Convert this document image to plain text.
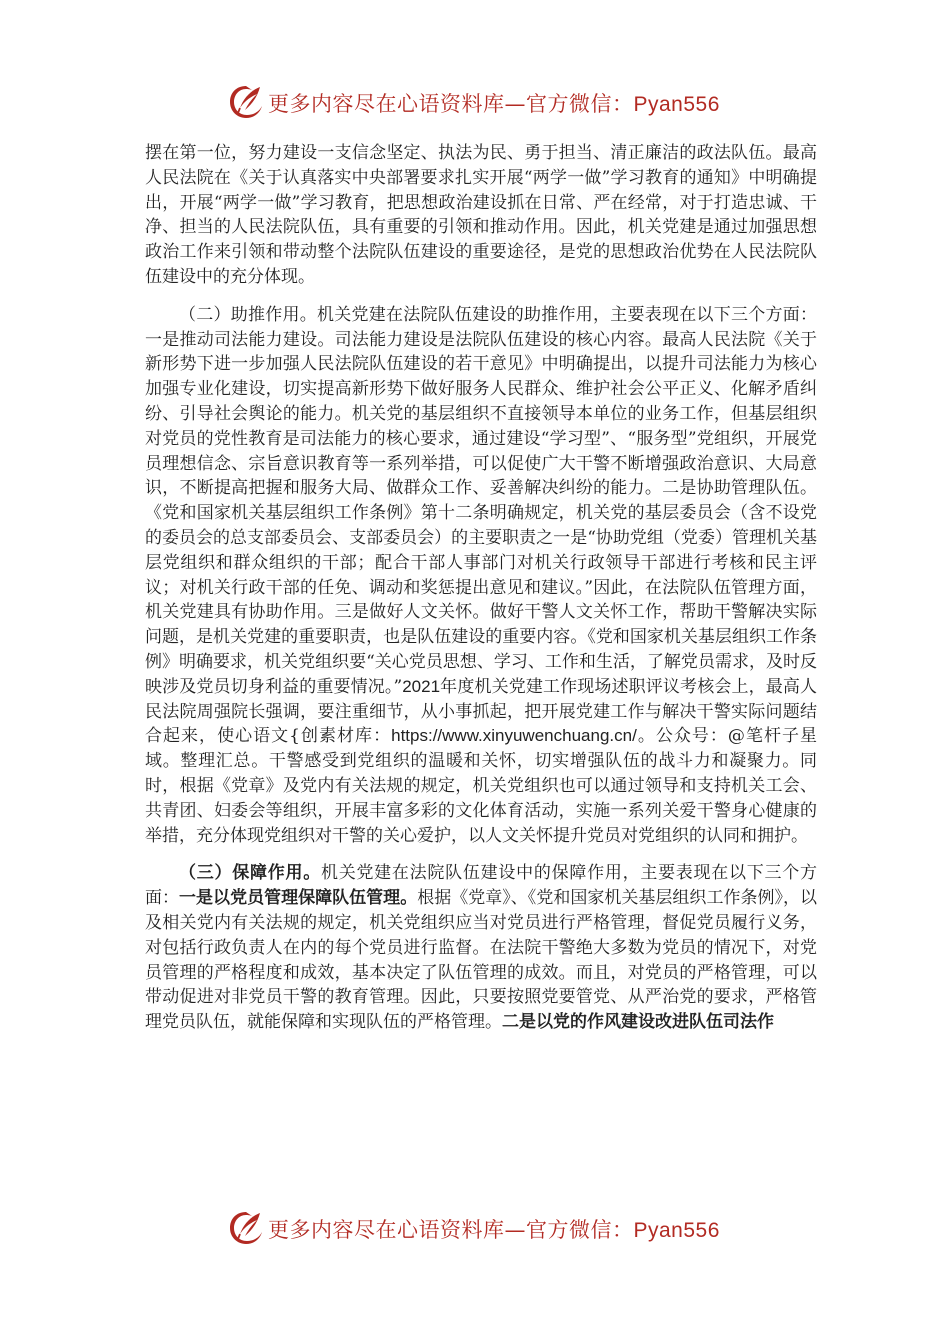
更多内容尽在心语资料库—官方微信：Pyan556

摆在第一位，努力建设一支信念坚定、执法为民、勇于担当、清正廉洁的政法队伍。最高人民法院在《关于认真落实中央部署要求扎实开展“两学一做”学习教育的通知》中明确提出，开展“两学一做”学习教育，把思想政治建设抓在日常、严在经常，对于打造忠诚、干净、担当的人民法院队伍，具有重要的引领和推动作用。因此，机关党建是通过加强思想政治工作来引领和带动整个法院队伍建设的重要途径，是党的思想政治优势在人民法院队伍建设中的充分体现。

（二）助推作用。机关党建在法院队伍建设的助推作用，主要表现在以下三个方面：一是推动司法能力建设。司法能力建设是法院队伍建设的核心内容。最高人民法院《关于新形势下进一步加强人民法院队伍建设的若干意见》中明确提出，以提升司法能力为核心加强专业化建设，切实提高新形势下做好服务人民群众、维护社会公平正义、化解矛盾纠纷、引导社会舆论的能力。机关党的基层组织不直接领导本单位的业务工作，但基层组织对党员的党性教育是司法能力的核心要求，通过建设“学习型”、“服务型”党组织，开展党员理想信念、宗旨意识教育等一系列举措，可以促使广大干警不断增强政治意识、大局意识，不断提高把握和服务大局、做群众工作、妥善解决纠纷的能力。二是协助管理队伍。《党和国家机关基层组织工作条例》第十二条明确规定，机关党的基层委员会（含不设党的委员会的总支部委员会、支部委员会）的主要职责之一是“协助党组（党委）管理机关基层党组织和群众组织的干部；配合干部人事部门对机关行政领导干部进行考核和民主评议；对机关行政干部的任免、调动和奖惩提出意见和建议。”因此，在法院队伍管理方面，机关党建具有协助作用。三是做好人文关怀。做好干警人文关怀工作，帮助干警解决实际问题，是机关党建的重要职责，也是队伍建设的重要内容。《党和国家机关基层组织工作条例》明确要求，机关党组织要“关心党员思想、学习、工作和生活，了解党员需求，及时反映涉及党员切身利益的重要情况。”2021年度机关党建工作现场述职评议考核会上，最高人民法院周强院长强调，要注重细节，从小事抓起，把开展党建工作与解决干警实际问题结合起来，使心语文{创素材库：https://www.xinyuwenchuang.cn/。公众号：@笔杆子星域。整理汇总。干警感受到党组织的温暖和关怀，切实增强队伍的战斗力和凝聚力。同时，根据《党章》及党内有关法规的规定，机关党组织也可以通过领导和支持机关工会、共青团、妇委会等组织，开展丰富多彩的文化体育活动，实施一系列关爱干警身心健康的举措，充分体现党组织对干警的关心爱护，以人文关怀提升党员对党组织的认同和拥护。

（三）保障作用。机关党建在法院队伍建设中的保障作用，主要表现在以下三个方面：一是以党员管理保障队伍管理。根据《党章》、《党和国家机关基层组织工作条例》，以及相关党内有关法规的规定，机关党组织应当对党员进行严格管理，督促党员履行义务，对包括行政负责人在内的每个党员进行监督。在法院干警绝大多数为党员的情况下，对党员管理的严格程度和成效，基本决定了队伍管理的成效。而且，对党员的严格管理，可以带动促进对非党员干警的教育管理。因此，只要按照党要管党、从严治党的要求，严格管理党员队伍，就能保障和实现队伍的严格管理。二是以党的作风建设改进队伍司法作

更多内容尽在心语资料库—官方微信：Pyan556
